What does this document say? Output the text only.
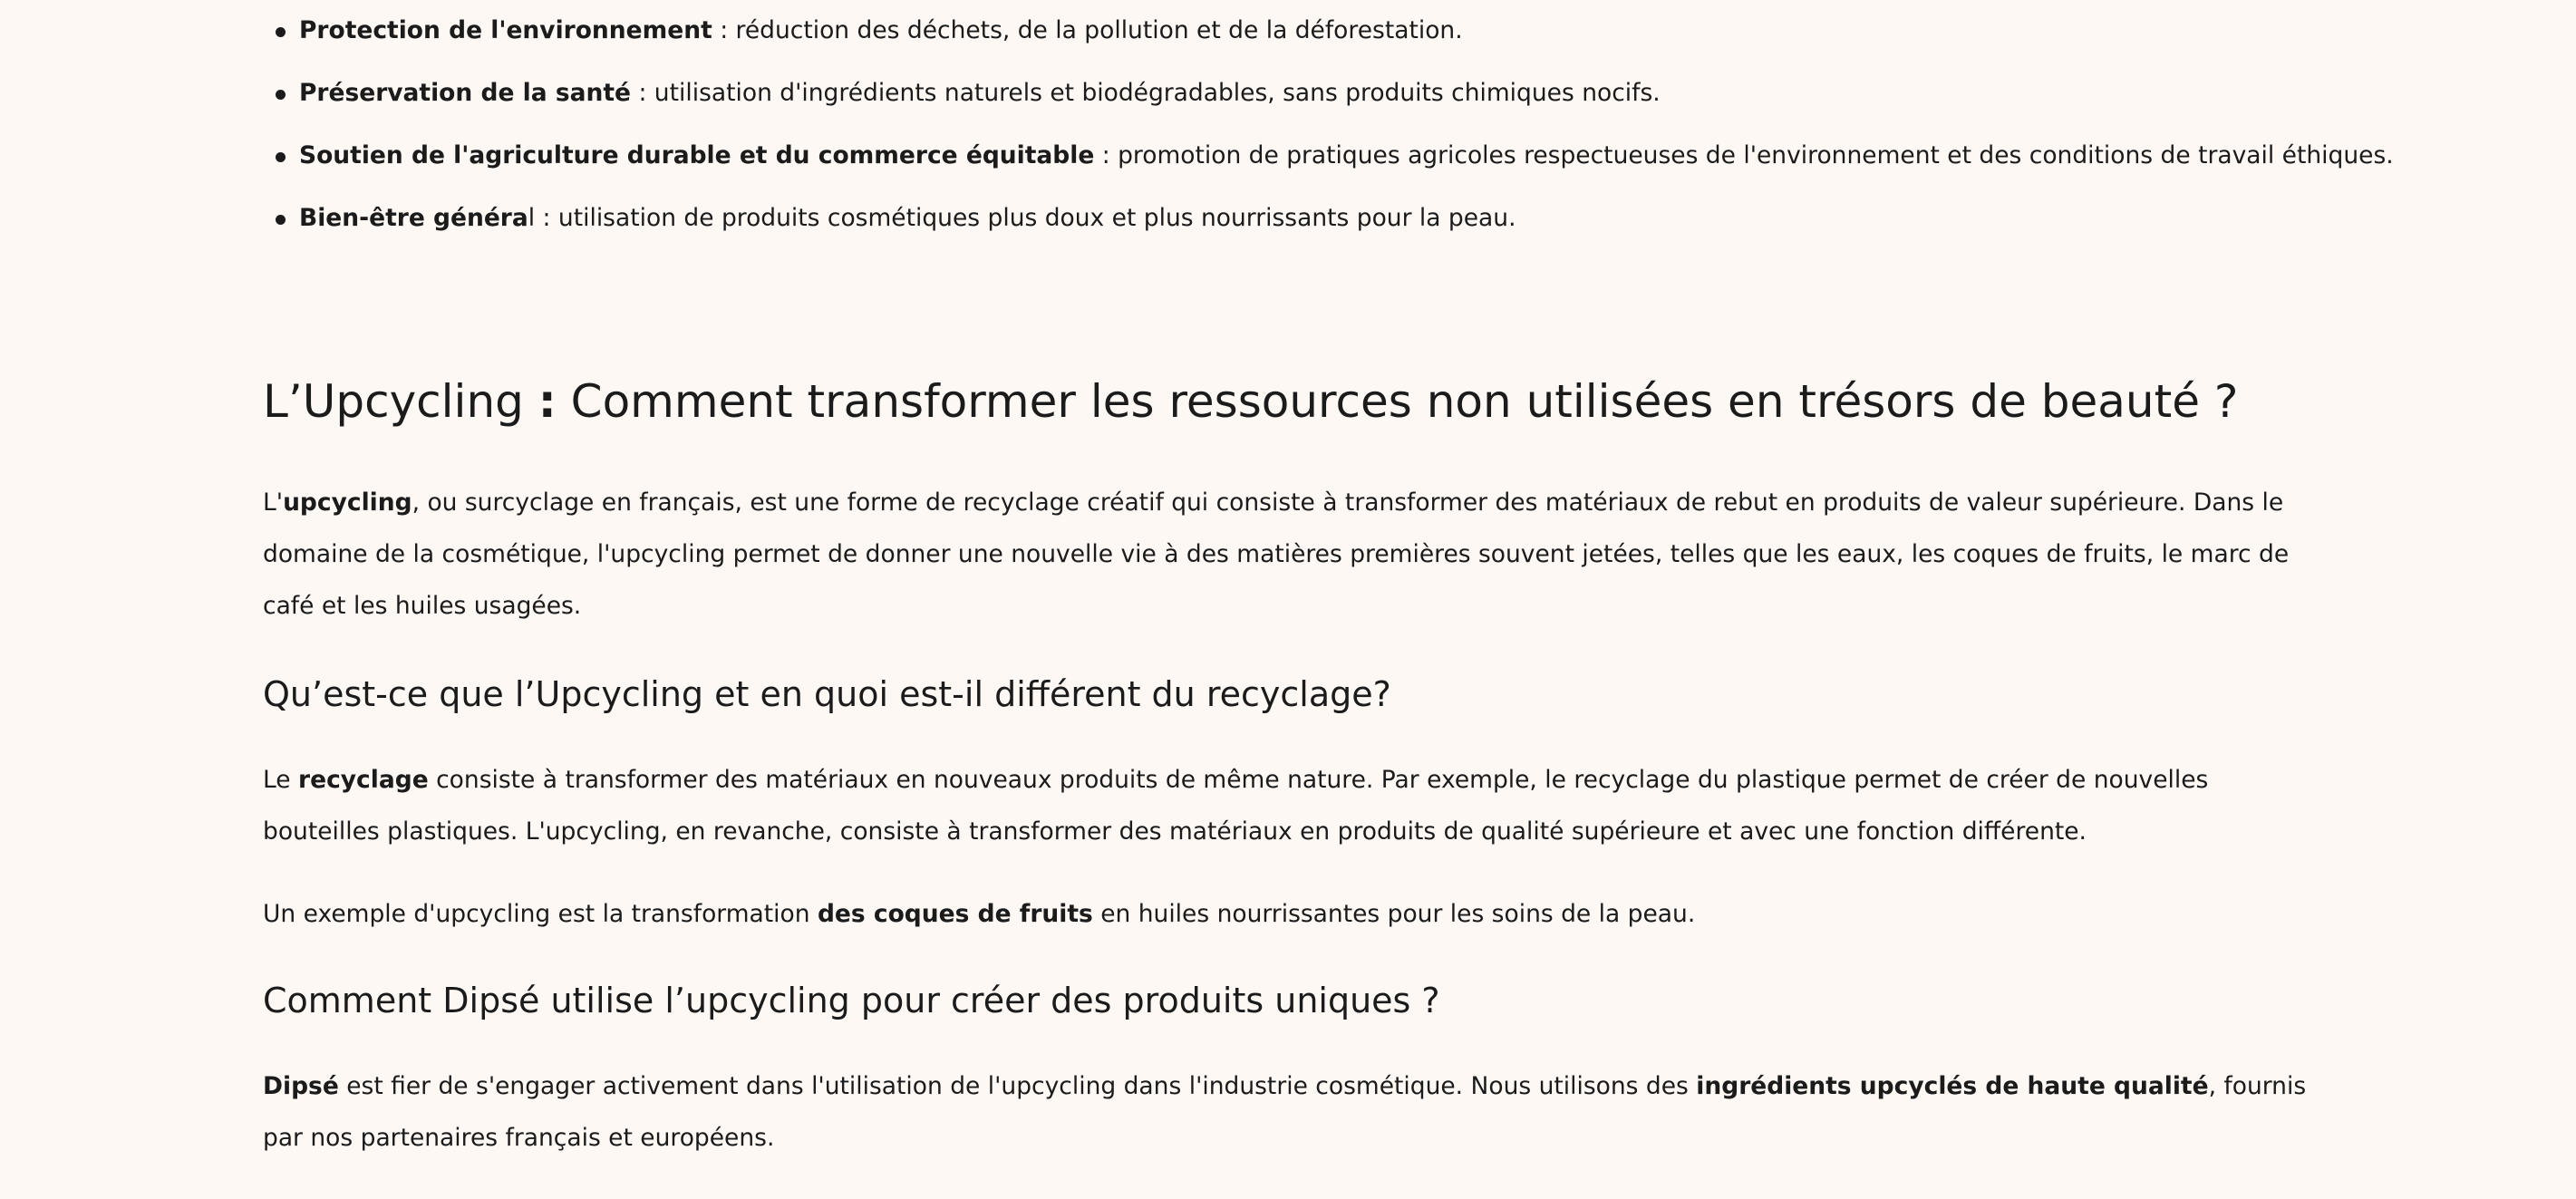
Protection de l'environnement : réduction des déchets, de la pollution et de la déforestation.
Préservation de la santé : utilisation d'ingrédients naturels et biodégradables, sans produits chimiques nocifs.
Soutien de l'agriculture durable et du commerce équitable : promotion de pratiques agricoles respectueuses de l'environnement et des conditions de travail éthiques.
Bien-être général : utilisation de produits cosmétiques plus doux et plus nourrissants pour la peau.
L’Upcycling : Comment transformer les ressources non utilisées en trésors de beauté ?

L'upcycling, ou surcyclage en français, est une forme de recyclage créatif qui consiste à transformer des matériaux de rebut en produits de valeur supérieure. Dans le domaine de la cosmétique, l'upcycling permet de donner une nouvelle vie à des matières premières souvent jetées, telles que les eaux, les coques de fruits, le marc de café et les huiles usagées.

Qu’est-ce que l’Upcycling et en quoi est-il différent du recyclage?

Le recyclage consiste à transformer des matériaux en nouveaux produits de même nature. Par exemple, le recyclage du plastique permet de créer de nouvelles bouteilles plastiques. L'upcycling, en revanche, consiste à transformer des matériaux en produits de qualité supérieure et avec une fonction différente.

Un exemple d'upcycling est la transformation des coques de fruits en huiles nourrissantes pour les soins de la peau.

Comment Dipsé utilise l’upcycling pour créer des produits uniques ?

Dipsé est fier de s'engager activement dans l'utilisation de l'upcycling dans l'industrie cosmétique. Nous utilisons des ingrédients upcyclés de haute qualité, fournis par nos partenaires français et européens.
